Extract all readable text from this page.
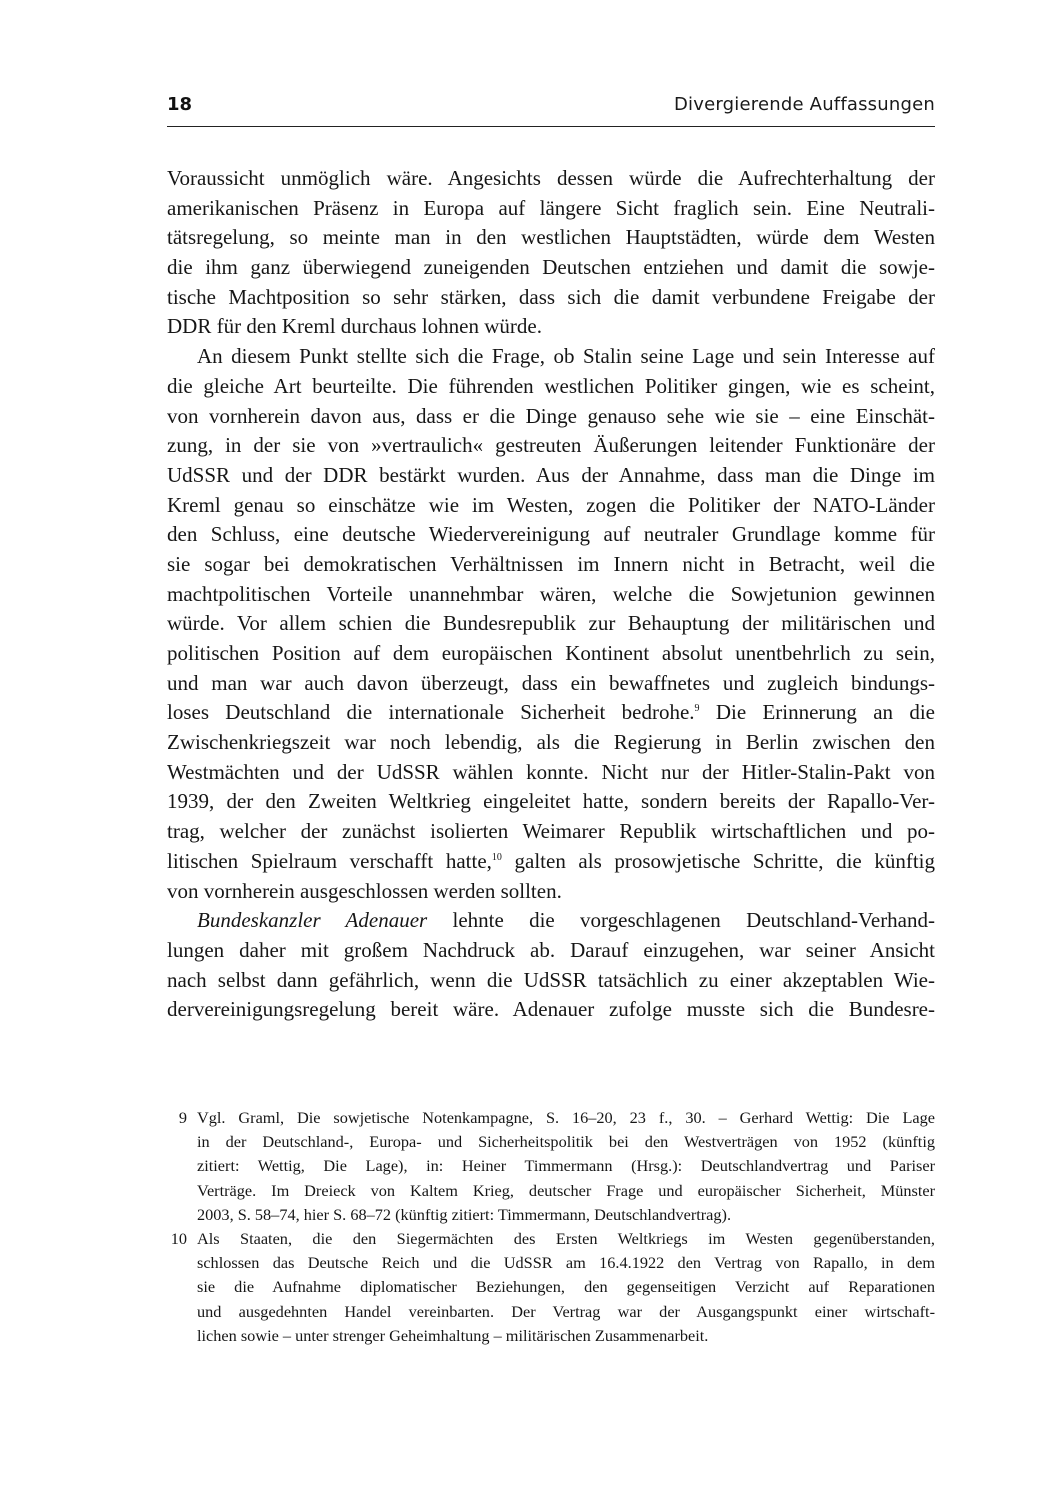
18	Divergierende Auffassungen
Voraussicht unmöglich wäre. Angesichts dessen würde die Aufrechterhaltung der
amerikanischen Präsenz in Europa auf längere Sicht fraglich sein. Eine Neutrali-
tätsregelung, so meinte man in den westlichen Hauptstädten, würde dem Westen
die ihm ganz überwiegend zuneigenden Deutschen entziehen und damit die sowje-
tische Machtposition so sehr stärken, dass sich die damit verbundene Freigabe der
DDR für den Kreml durchaus lohnen würde.
An diesem Punkt stellte sich die Frage, ob Stalin seine Lage und sein Interesse auf
die gleiche Art beurteilte. Die führenden westlichen Politiker gingen, wie es scheint,
von vornherein davon aus, dass er die Dinge genauso sehe wie sie – eine Einschät-
zung, in der sie von »vertraulich« gestreuten Äußerungen leitender Funktionäre der
UdSSR und der DDR bestärkt wurden. Aus der Annahme, dass man die Dinge im
Kreml genau so einschätze wie im Westen, zogen die Politiker der NATO-Länder
den Schluss, eine deutsche Wiedervereinigung auf neutraler Grundlage komme für
sie sogar bei demokratischen Verhältnissen im Innern nicht in Betracht, weil die
machtpolitischen Vorteile unannehmbar wären, welche die Sowjetunion gewinnen
würde. Vor allem schien die Bundesrepublik zur Behauptung der militärischen und
politischen Position auf dem europäischen Kontinent absolut unentbehrlich zu sein,
und man war auch davon überzeugt, dass ein bewaffnetes und zugleich bindungs-
loses Deutschland die internationale Sicherheit bedrohe.$^9$ Die Erinnerung an die
Zwischenkriegszeit war noch lebendig, als die Regierung in Berlin zwischen den
Westmächten und der UdSSR wählen konnte. Nicht nur der Hitler-Stalin-Pakt von
1939, der den Zweiten Weltkrieg eingeleitet hatte, sondern bereits der Rapallo-Ver-
trag, welcher der zunächst isolierten Weimarer Republik wirtschaftlichen und po-
litischen Spielraum verschafft hatte,$^{10}$ galten als prosowjetische Schritte, die künftig
von vornherein ausgeschlossen werden sollten.
Bundeskanzler Adenauer lehnte die vorgeschlagenen Deutschland-Verhand-
lungen daher mit großem Nachdruck ab. Darauf einzugehen, war seiner Ansicht
nach selbst dann gefährlich, wenn die UdSSR tatsächlich zu einer akzeptablen Wie-
dervereinigungsregelung bereit wäre. Adenauer zufolge musste sich die Bundesre-
9 Vgl. Graml, Die sowjetische Notenkampagne, S. 16–20, 23 f., 30. – Gerhard Wettig: Die Lage
in der Deutschland-, Europa- und Sicherheitspolitik bei den Westverträgen von 1952 (künftig
zitiert: Wettig, Die Lage), in: Heiner Timmermann (Hrsg.): Deutschlandvertrag und Pariser
Verträge. Im Dreieck von Kaltem Krieg, deutscher Frage und europäischer Sicherheit, Münster
2003, S. 58–74, hier S. 68–72 (künftig zitiert: Timmermann, Deutschlandvertrag).
10 Als Staaten, die den Siegermächten des Ersten Weltkriegs im Westen gegenüberstanden,
schlossen das Deutsche Reich und die UdSSR am 16.4.1922 den Vertrag von Rapallo, in dem
sie die Aufnahme diplomatischer Beziehungen, den gegenseitigen Verzicht auf Reparationen
und ausgedehnten Handel vereinbarten. Der Vertrag war der Ausgangspunkt einer wirtschaft-
lichen sowie – unter strenger Geheimhaltung – militärischen Zusammenarbeit.
